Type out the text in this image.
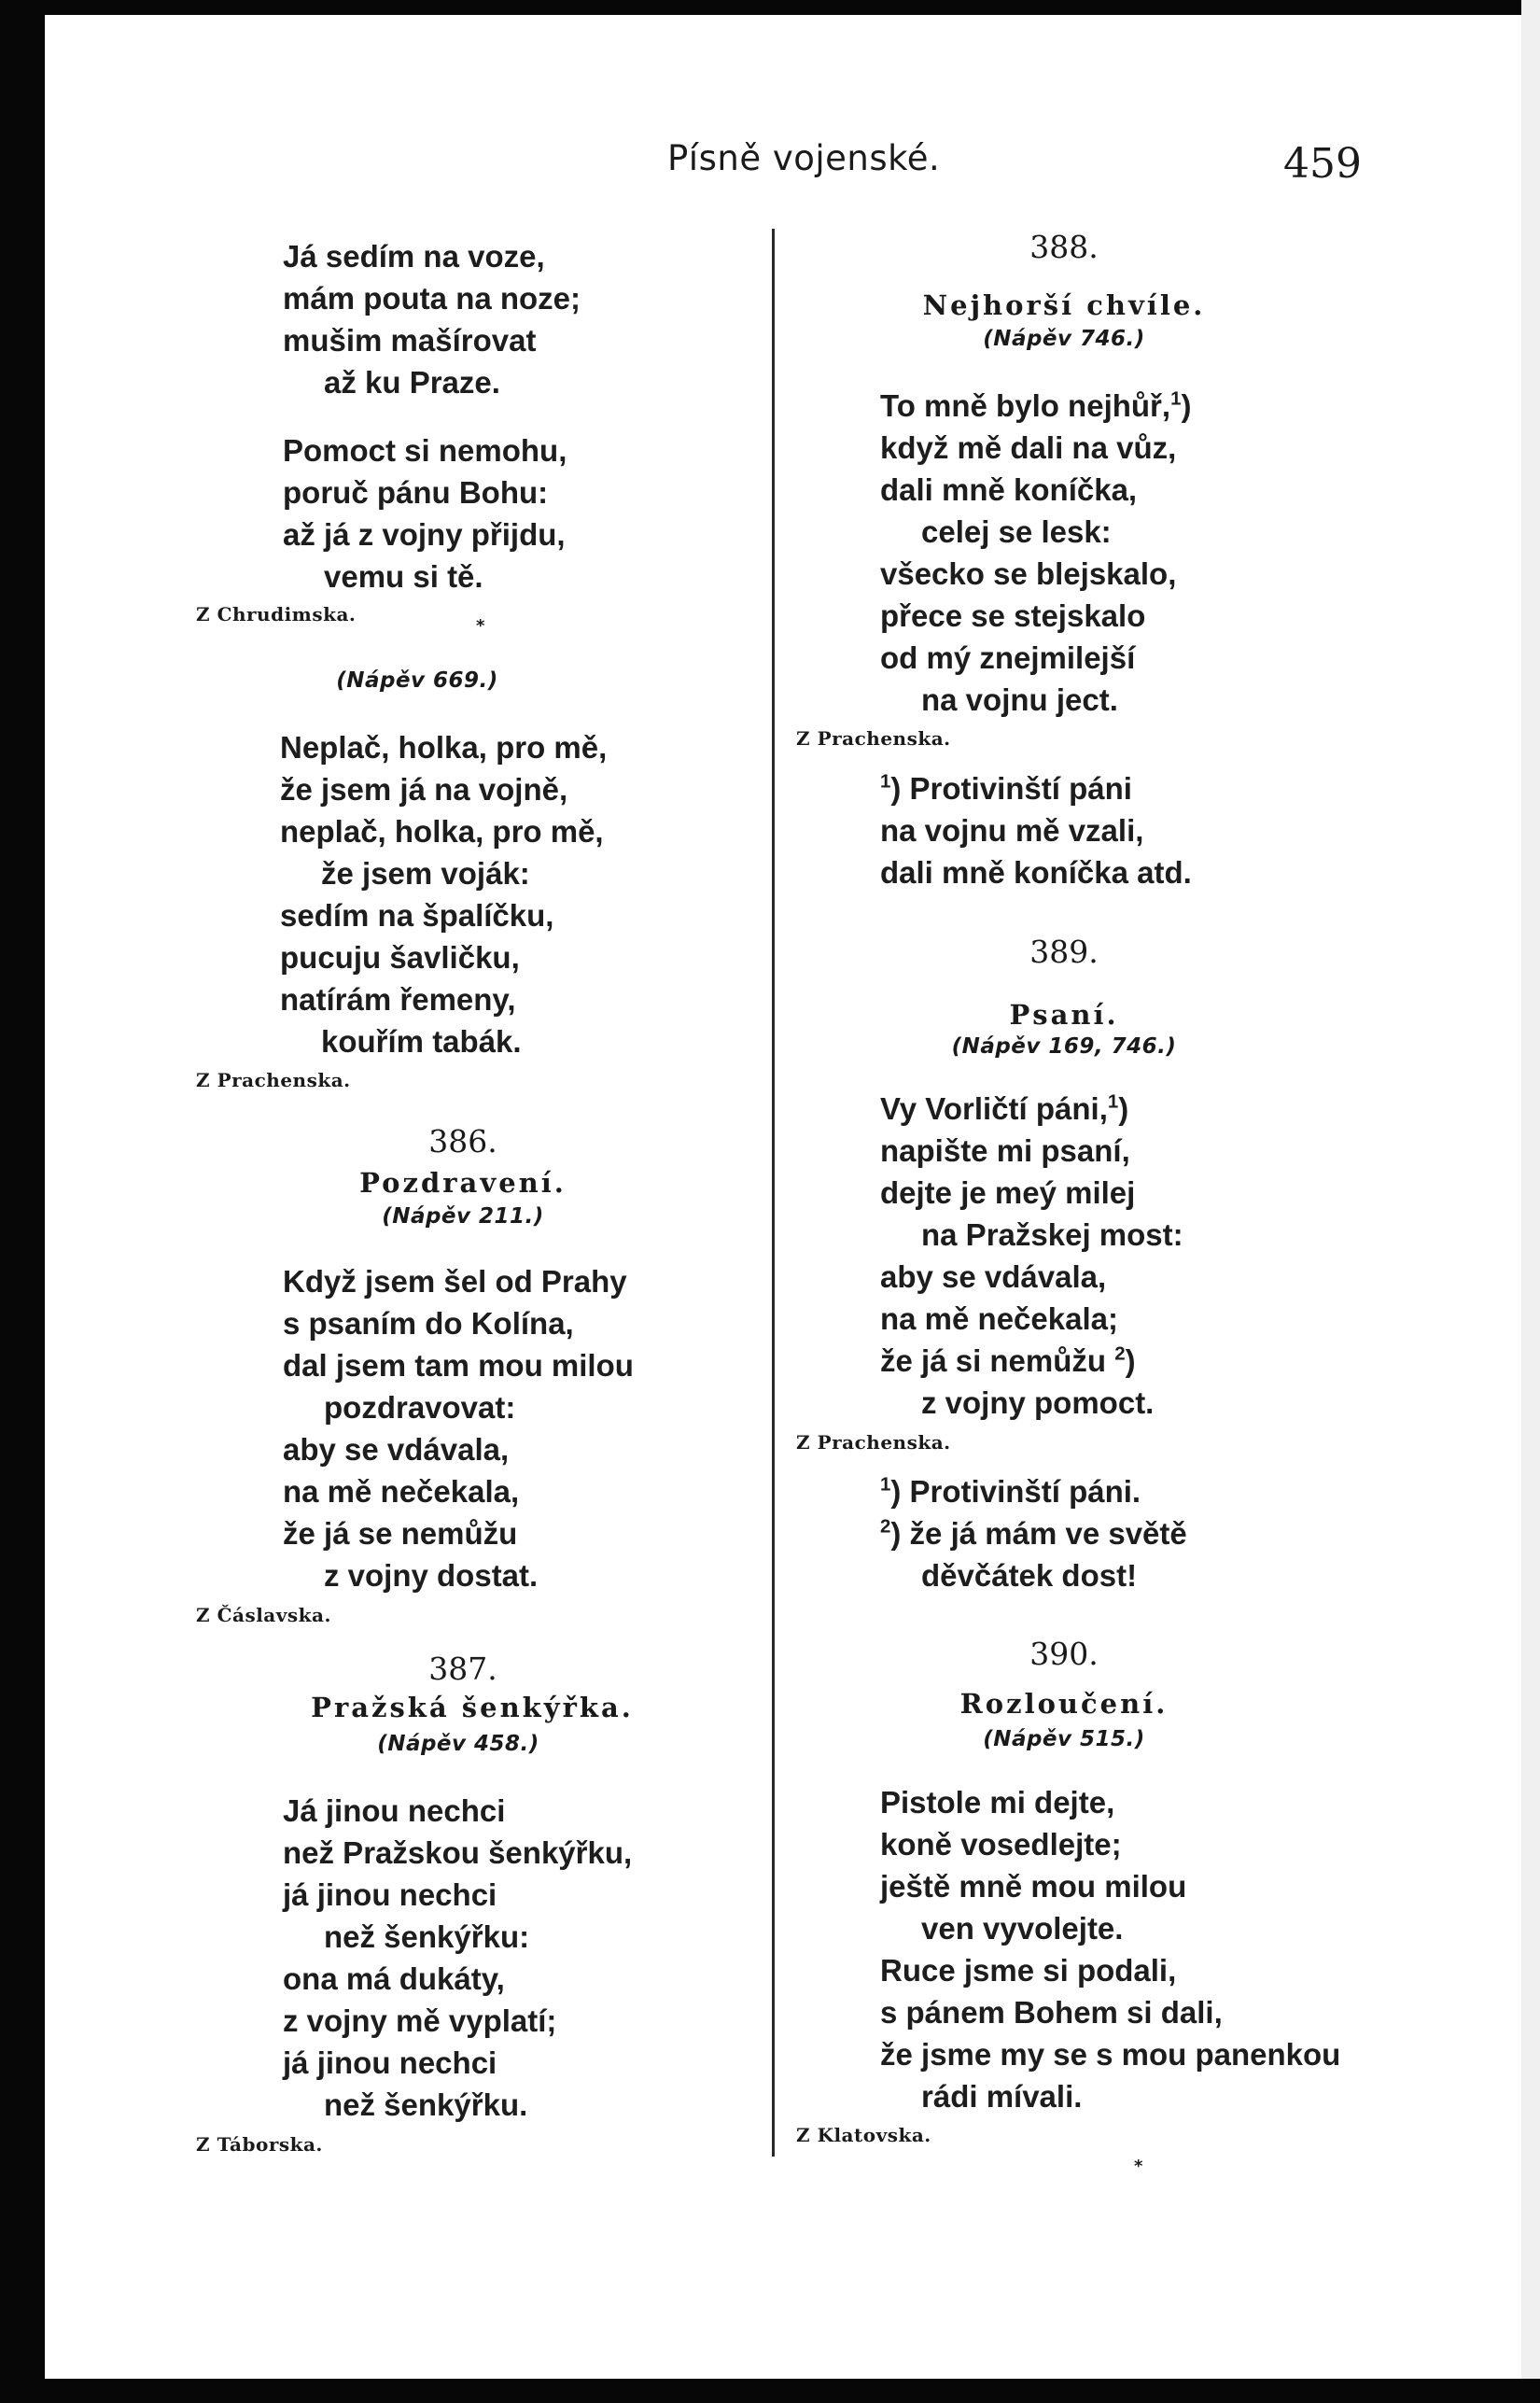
Písně vojenské.	459
Já sedím na voze,
mám pouta na noze;
mušim mašírovat
až ku Praze.
Pomoct si nemohu,
poruč pánu Bohu:
až já z vojny přijdu,
vemu si tě.
Z Chrudimska.
*
(Nápěv 669.)
Neplač, holka, pro mě,
že jsem já na vojně,
neplač, holka, pro mě,
že jsem voják:
sedím na špalíčku,
pucuju šavličku,
natírám řemeny,
kouřím tabák.
Z Prachenska.
386.
Pozdravení.
(Nápěv 211.)
Když jsem šel od Prahy
s psaním do Kolína,
dal jsem tam mou milou
pozdravovat:
aby se vdávala,
na mě nečekala,
že já se nemůžu
z vojny dostat.
Z Čáslavska.
387.
Pražská šenkýřka.
(Nápěv 458.)
Já jinou nechci
než Pražskou šenkýřku,
já jinou nechci
než šenkýřku:
ona má dukáty,
z vojny mě vyplatí;
já jinou nechci
než šenkýřku.
Z Táborska.
388.
Nejhorší chvíle.
(Nápěv 746.)
To mně bylo nejhůř,$^1$)
když mě dali na vůz,
dali mně koníčka,
celej se lesk:
všecko se blejskalo,
přece se stejskalo
od mý znejmilejší
na vojnu ject.
Z Prachenska.
$^1$) Protivinští páni
na vojnu mě vzali,
dali mně koníčka atd.
389.
Psaní.
(Nápěv 169, 746.)
Vy Vorličtí páni,$^1$)
napište mi psaní,
dejte je meý milej
na Pražskej most:
aby se vdávala,
na mě nečekala;
že já si nemůžu $^2$)
z vojny pomoct.
Z Prachenska.
$^1$) Protivinští páni.
$^2$) že já mám ve světě
děvčátek dost!
390.
Rozloučení.
(Nápěv 515.)
Pistole mi dejte,
koně vosedlejte;
ještě mně mou milou
ven vyvolejte.
Ruce jsme si podali,
s pánem Bohem si dali,
že jsme my se s mou panenkou
rádi mívali.
Z Klatovska.
*
